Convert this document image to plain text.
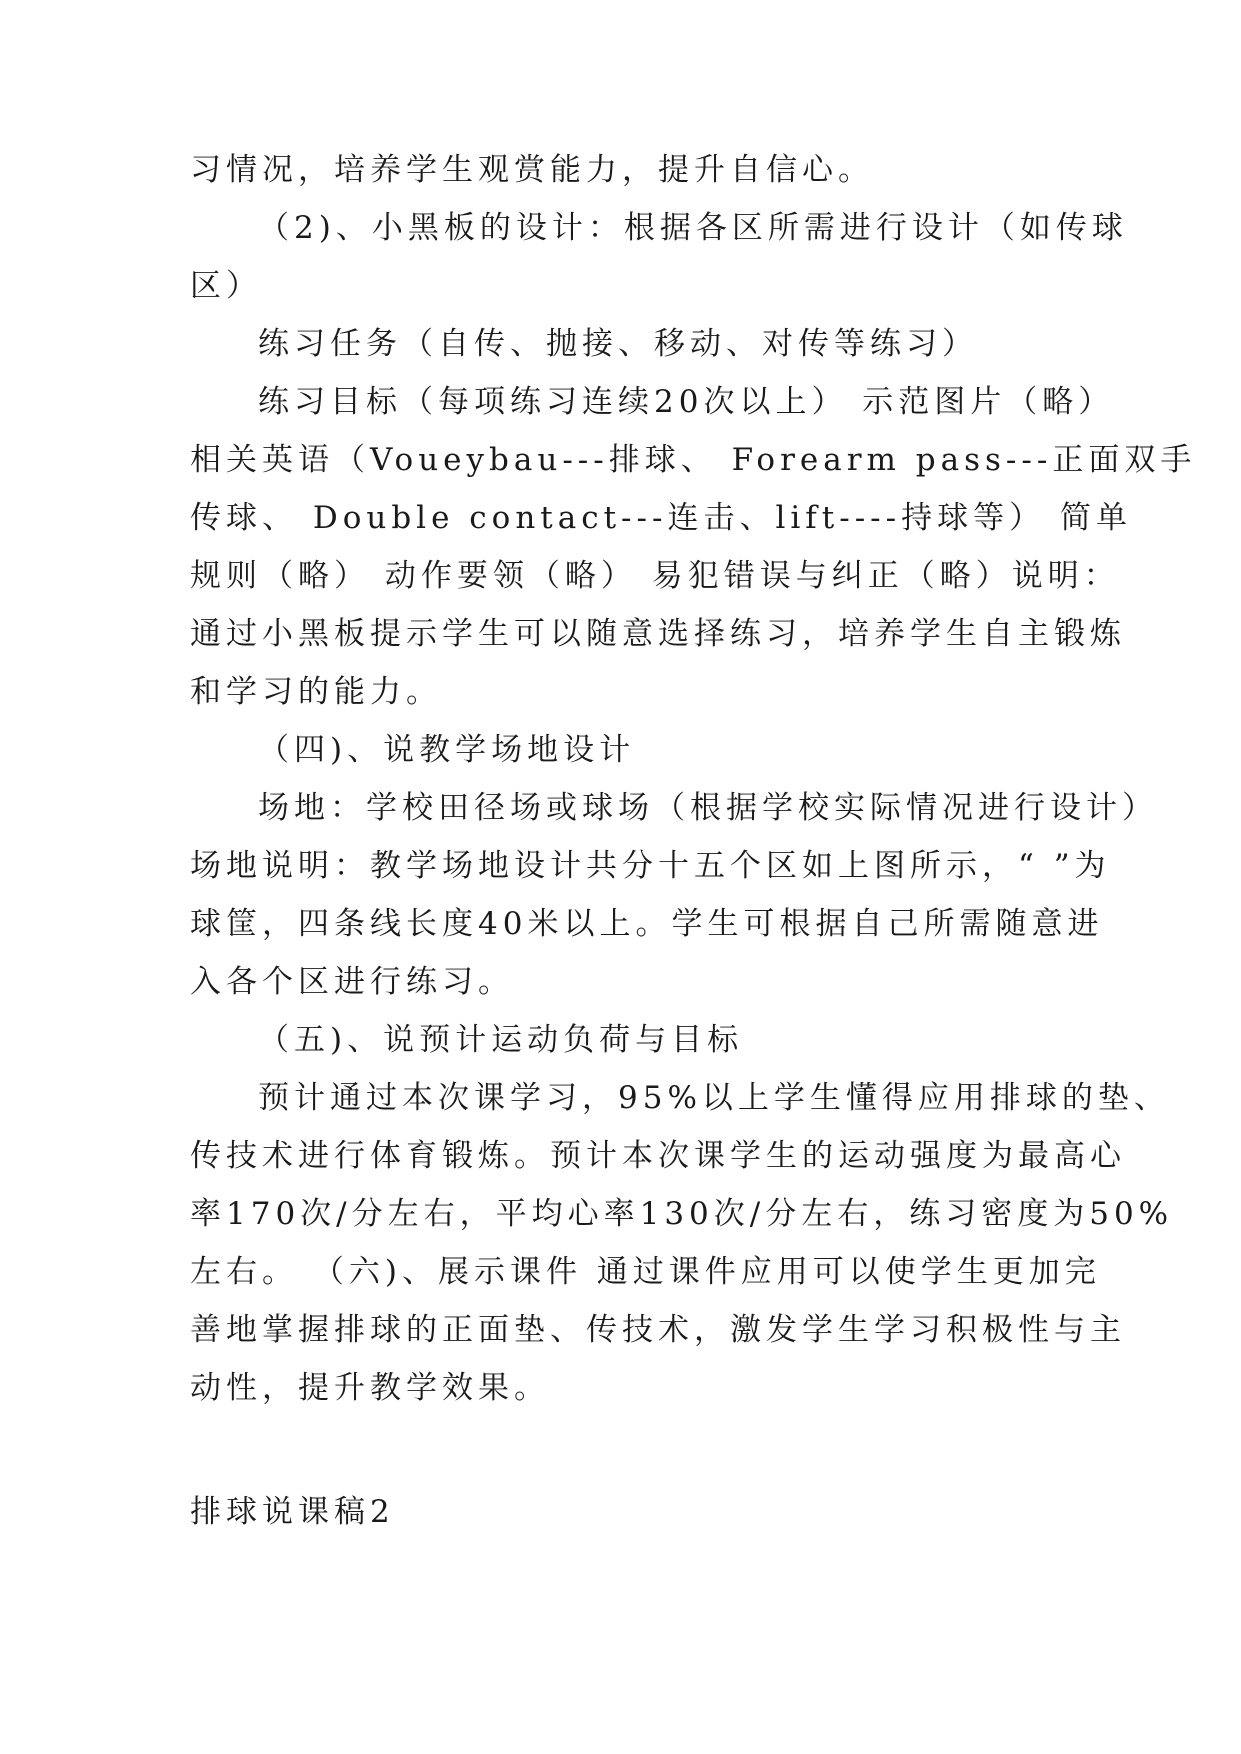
习情况，培养学生观赏能力，提升自信心。
（2)、小黑板的设计：根据各区所需进行设计（如传球
区）
练习任务（自传、抛接、移动、对传等练习）
练习目标（每项练习连续20次以上） 示范图片（略）
相关英语（Voueybau---排球、 Forearm pass---正面双手
传球、 Double contact---连击、lift----持球等） 简单
规则（略） 动作要领（略） 易犯错误与纠正（略）说明：
通过小黑板提示学生可以随意选择练习，培养学生自主锻炼
和学习的能力。
（四)、说教学场地设计
场地：学校田径场或球场（根据学校实际情况进行设计）
场地说明：教学场地设计共分十五个区如上图所示，“ ”为
球筐，四条线长度40米以上。学生可根据自己所需随意进
入各个区进行练习。
（五)、说预计运动负荷与目标
预计通过本次课学习，95%以上学生懂得应用排球的垫、
传技术进行体育锻炼。预计本次课学生的运动强度为最高心
率170次/分左右，平均心率130次/分左右，练习密度为50%
左右。 （六)、展示课件 通过课件应用可以使学生更加完
善地掌握排球的正面垫、传技术，激发学生学习积极性与主
动性，提升教学效果。
排球说课稿2
